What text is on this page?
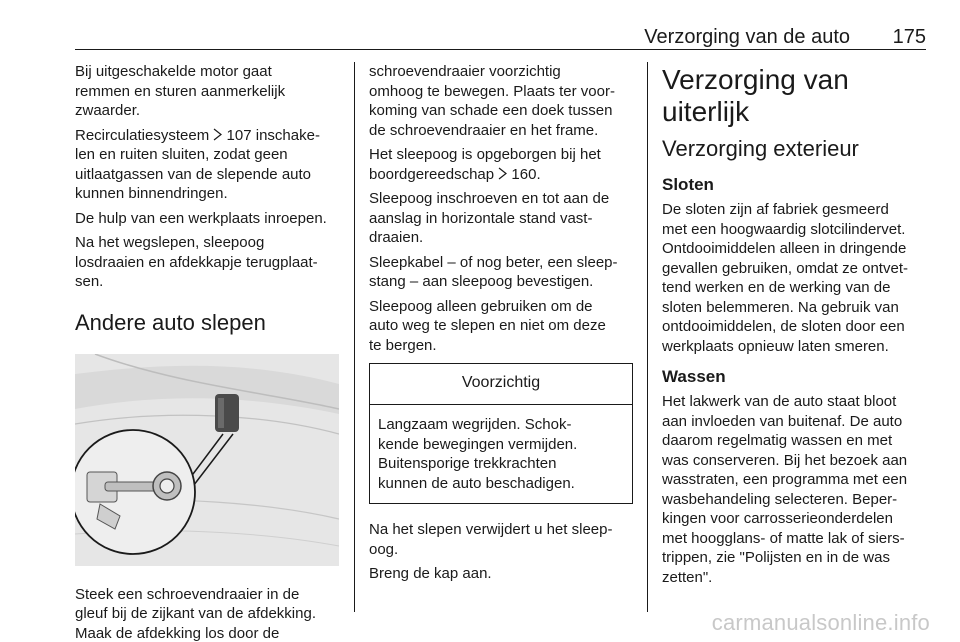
Verzorging van de auto 175

Bij uitgeschakelde motor gaat
remmen en sturen aanmerkelijk
zwaarder.

Recirculatiesysteem  107 inschake-
len en ruiten sluiten, zodat geen
uitlaatgassen van de slepende auto
kunnen binnendringen.

De hulp van een werkplaats inroepen.

Na het wegslepen, sleepoog
losdraaien en afdekkapje terugplaat-
sen.

Andere auto slepen

Steek een schroevendraaier in de
gleuf bij de zijkant van de afdekking.
Maak de afdekking los door de

schroevendraaier voorzichtig
omhoog te bewegen. Plaats ter voor-
koming van schade een doek tussen
de schroevendraaier en het frame.

Het sleepoog is opgeborgen bij het
boordgereedschap  160.

Sleepoog inschroeven en tot aan de
aanslag in horizontale stand vast-
draaien.

Sleepkabel – of nog beter, een sleep-
stang – aan sleepoog bevestigen.

Sleepoog alleen gebruiken om de
auto weg te slepen en niet om deze
te bergen.

Voorzichtig
Langzaam wegrijden. Schok-
kende bewegingen vermijden.
Buitensporige trekkrachten
kunnen de auto beschadigen.

Na het slepen verwijdert u het sleep-
oog.

Breng de kap aan.

Verzorging van uiterlijk
Verzorging exterieur
Sloten

De sloten zijn af fabriek gesmeerd
met een hoogwaardig slotcilindervet.
Ontdooimiddelen alleen in dringende
gevallen gebruiken, omdat ze ontvet-
tend werken en de werking van de
sloten belemmeren. Na gebruik van
ontdooimiddelen, de sloten door een
werkplaats opnieuw laten smeren.

Wassen

Het lakwerk van de auto staat bloot
aan invloeden van buitenaf. De auto
daarom regelmatig wassen en met
was conserveren. Bij het bezoek aan
wasstraten, een programma met een
wasbehandeling selecteren. Beper-
kingen voor carrosserieonderdelen
met hoogglans- of matte lak of siers-
trippen, zie "Polijsten en in de was
zetten".

carmanualsonline.info
